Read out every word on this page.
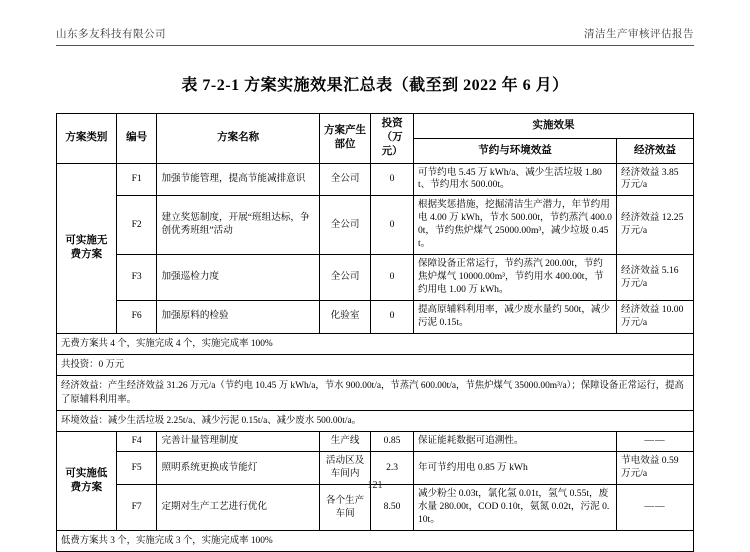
山东多友科技有限公司	清洁生产审核评估报告
表 7-2-1 方案实施效果汇总表（截至到 2022 年 6 月）
方案类别	编号	方案名称	方案产生部位	投资（万元）	实施效果	
					节约与环境效益	经济效益
可实施无费方案	F1	加强节能管理，提高节能减排意识	全公司	0	可节约电 5.45 万 kWh/a、减少生活垃圾 1.80t、节约用水 500.00t。	经济效益 3.85 万元/a
	F2	建立奖惩制度，开展“班组达标，争创优秀班组”活动	全公司	0	根据奖惩措施，挖掘清洁生产潜力，年节约用电 4.00 万 kWh，节水 500.00t，节约蒸汽 400.00t，节约焦炉煤气 25000.00m³，减少垃圾 0.45t。	经济效益 12.25 万元/a
	F3	加强巡检力度	全公司	0	保障设备正常运行，节约蒸汽 200.00t，节约焦炉煤气 10000.00m³，节约用水 400.00t，节约用电 1.00 万 kWh。	经济效益 5.16 万元/a
	F6	加强原料的检验	化验室	0	提高原辅料利用率，减少废水量约 500t，减少污泥 0.15t。	经济效益 10.00 万元/a
无费方案共 4 个，实施完成 4 个，实施完成率 100%						
共投资：0 万元						
经济效益：产生经济效益 31.26 万元/a（节约电 10.45 万 kWh/a，节水 900.00t/a，节蒸汽 600.00t/a，节焦炉煤气 35000.00m³/a）；保障设备正常运行，提高了原辅料利用率。						
环境效益：减少生活垃圾 2.25t/a、减少污泥 0.15t/a、减少废水 500.00t/a。						
可实施低费方案	F4	完善计量管理制度	生产线	0.85	保证能耗数据可追溯性。	——
	F5	照明系统更换成节能灯	活动区及车间内	2.3	年可节约用电 0.85 万 kWh	节电效益 0.59 万元/a
	F7	定期对生产工艺进行优化	各个生产车间	8.50	减少粉尘 0.03t，氯化氢 0.01t，氢气 0.55t，废水量 280.00t，COD 0.10t，氨氮 0.02t，污泥 0.10t。	——
低费方案共 3 个，实施完成 3 个，实施完成率 100%						
121
